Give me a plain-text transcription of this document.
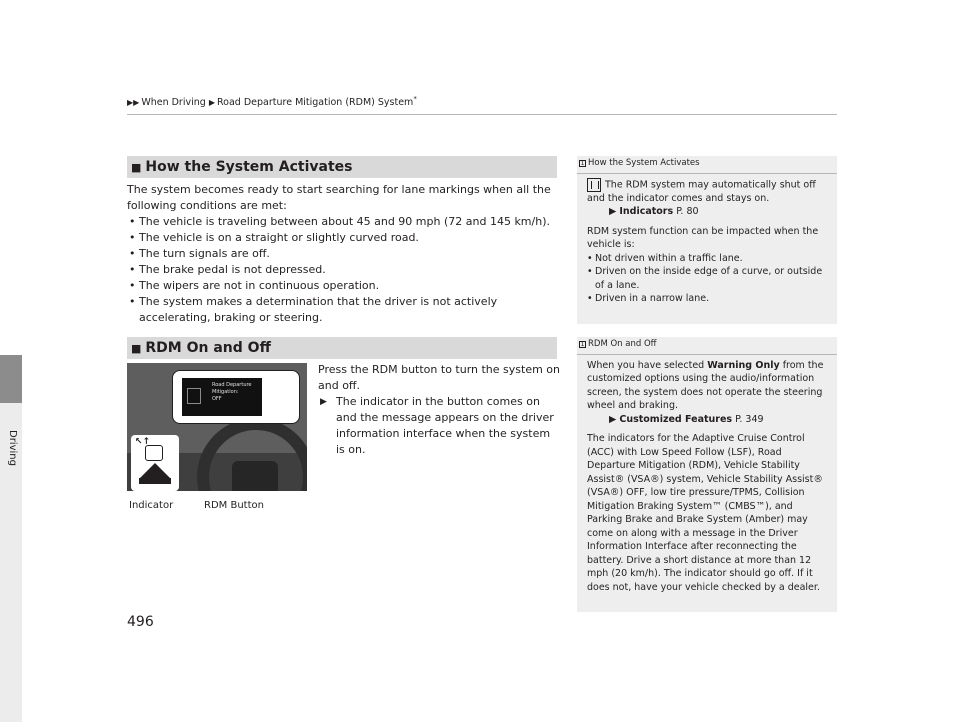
Driving
▶▶ When Driving ▶ Road Departure Mitigation (RDM) System*
■ How the System Activates

The system becomes ready to start searching for lane markings when all the following conditions are met:

• The vehicle is traveling between about 45 and 90 mph (72 and 145 km/h).
• The vehicle is on a straight or slightly curved road.
• The turn signals are off.
• The brake pedal is not depressed.
• The wipers are not in continuous operation.
• The system makes a determination that the driver is not actively accelerating, braking or steering.
1 How the System Activates

The RDM system may automatically shut off and the indicator comes and stays on.

▶ Indicators P. 80

RDM system function can be impacted when the vehicle is:

• Not driven within a traffic lane.
• Driven on the inside edge of a curve, or outside of a lane.
• Driven in a narrow lane.
■ RDM On and Off
Road Departure
Mitigation:
OFF
↖↑
Indicator	RDM Button

Press the RDM button to turn the system on and off.

▶ The indicator in the button comes on and the message appears on the driver information interface when the system is on.

1 RDM On and Off

When you have selected Warning Only from the customized options using the audio/information screen, the system does not operate the steering wheel and braking.

▶ Customized Features P. 349

The indicators for the Adaptive Cruise Control (ACC) with Low Speed Follow (LSF), Road Departure Mitigation (RDM), Vehicle Stability Assist® (VSA®) system, Vehicle Stability Assist® (VSA®) OFF, low tire pressure/TPMS, Collision Mitigation Braking System™ (CMBS™), and Parking Brake and Brake System (Amber) may come on along with a message in the Driver Information Interface after reconnecting the battery. Drive a short distance at more than 12 mph (20 km/h). The indicator should go off. If it does not, have your vehicle checked by a dealer.

496
